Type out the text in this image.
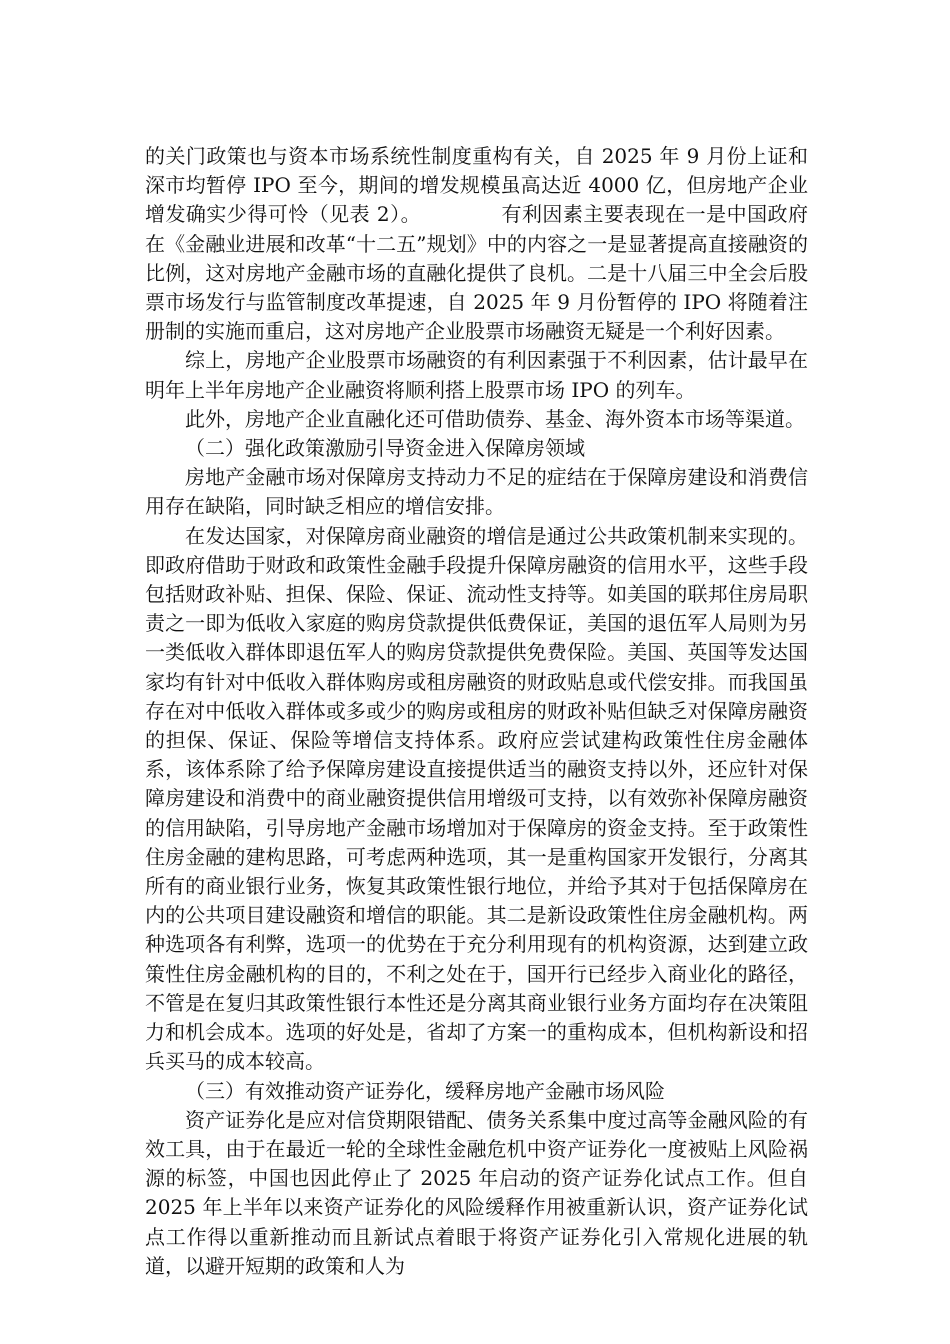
的关门政策也与资本市场系统性制度重构有关，自 2025 年 9 月份上证和深市均暂停 IPO 至今，期间的增发规模虽高达近 4000 亿，但房地产企业增发确实少得可怜（见表 2）。	有利因素主要表现在一是中国政府在《金融业进展和改革“十二五”规划》中的内容之一是显著提高直接融资的比例，这对房地产金融市场的直融化提供了良机。二是十八届三中全会后股票市场发行与监管制度改革提速，自 2025 年 9 月份暂停的 IPO 将随着注册制的实施而重启，这对房地产企业股票市场融资无疑是一个利好因素。

综上，房地产企业股票市场融资的有利因素强于不利因素，估计最早在明年上半年房地产企业融资将顺利搭上股票市场 IPO 的列车。

此外，房地产企业直融化还可借助债券、基金、海外资本市场等渠道。

（二）强化政策激励引导资金进入保障房领域

房地产金融市场对保障房支持动力不足的症结在于保障房建设和消费信用存在缺陷，同时缺乏相应的增信安排。

在发达国家，对保障房商业融资的增信是通过公共政策机制来实现的。即政府借助于财政和政策性金融手段提升保障房融资的信用水平，这些手段包括财政补贴、担保、保险、保证、流动性支持等。如美国的联邦住房局职责之一即为低收入家庭的购房贷款提供低费保证，美国的退伍军人局则为另一类低收入群体即退伍军人的购房贷款提供免费保险。美国、英国等发达国家均有针对中低收入群体购房或租房融资的财政贴息或代偿安排。而我国虽存在对中低收入群体或多或少的购房或租房的财政补贴但缺乏对保障房融资的担保、保证、保险等增信支持体系。政府应尝试建构政策性住房金融体系，该体系除了给予保障房建设直接提供适当的融资支持以外，还应针对保障房建设和消费中的商业融资提供信用增级可支持，以有效弥补保障房融资的信用缺陷，引导房地产金融市场增加对于保障房的资金支持。至于政策性住房金融的建构思路，可考虑两种选项，其一是重构国家开发银行，分离其所有的商业银行业务，恢复其政策性银行地位，并给予其对于包括保障房在内的公共项目建设融资和增信的职能。其二是新设政策性住房金融机构。两种选项各有利弊，选项一的优势在于充分利用现有的机构资源，达到建立政策性住房金融机构的目的，不利之处在于，国开行已经步入商业化的路径，不管是在复归其政策性银行本性还是分离其商业银行业务方面均存在决策阻力和机会成本。选项的好处是，省却了方案一的重构成本，但机构新设和招兵买马的成本较高。

（三）有效推动资产证券化，缓释房地产金融市场风险

资产证券化是应对信贷期限错配、债务关系集中度过高等金融风险的有效工具，由于在最近一轮的全球性金融危机中资产证券化一度被贴上风险祸源的标签，中国也因此停止了 2025 年启动的资产证券化试点工作。但自 2025 年上半年以来资产证券化的风险缓释作用被重新认识，资产证券化试点工作得以重新推动而且新试点着眼于将资产证券化引入常规化进展的轨道，以避开短期的政策和人为
